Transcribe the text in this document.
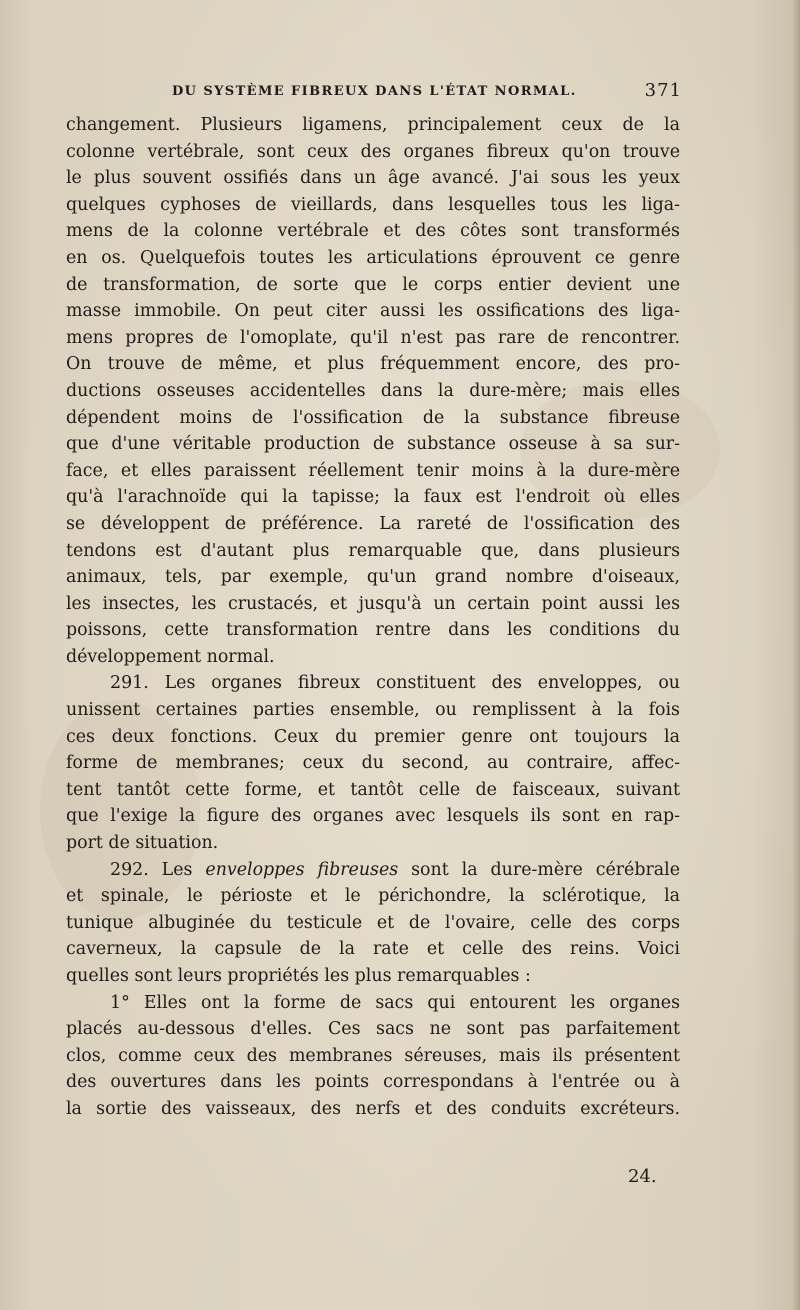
DU SYSTÈME FIBREUX DANS L'ÉTAT NORMAL.	371
changement. Plusieurs ligamens, principalement ceux de la
colonne vertébrale, sont ceux des organes fibreux qu'on trouve
le plus souvent ossifiés dans un âge avancé. J'ai sous les yeux
quelques cyphoses de vieillards, dans lesquelles tous les liga-
mens de la colonne vertébrale et des côtes sont transformés
en os. Quelquefois toutes les articulations éprouvent ce genre
de transformation, de sorte que le corps entier devient une
masse immobile. On peut citer aussi les ossifications des liga-
mens propres de l'omoplate, qu'il n'est pas rare de rencontrer.
On trouve de même, et plus fréquemment encore, des pro-
ductions osseuses accidentelles dans la dure-mère; mais elles
dépendent moins de l'ossification de la substance fibreuse
que d'une véritable production de substance osseuse à sa sur-
face, et elles paraissent réellement tenir moins à la dure-mère
qu'à l'arachnoïde qui la tapisse; la faux est l'endroit où elles
se développent de préférence. La rareté de l'ossification des
tendons est d'autant plus remarquable que, dans plusieurs
animaux, tels, par exemple, qu'un grand nombre d'oiseaux,
les insectes, les crustacés, et jusqu'à un certain point aussi les
poissons, cette transformation rentre dans les conditions du
développement normal.
291. Les organes fibreux constituent des enveloppes, ou
unissent certaines parties ensemble, ou remplissent à la fois
ces deux fonctions. Ceux du premier genre ont toujours la
forme de membranes; ceux du second, au contraire, affec-
tent tantôt cette forme, et tantôt celle de faisceaux, suivant
que l'exige la figure des organes avec lesquels ils sont en rap-
port de situation.
292. Les enveloppes fibreuses sont la dure-mère cérébrale
et spinale, le périoste et le périchondre, la sclérotique, la
tunique albuginée du testicule et de l'ovaire, celle des corps
caverneux, la capsule de la rate et celle des reins. Voici
quelles sont leurs propriétés les plus remarquables :
1° Elles ont la forme de sacs qui entourent les organes
placés au-dessous d'elles. Ces sacs ne sont pas parfaitement
clos, comme ceux des membranes séreuses, mais ils présentent
des ouvertures dans les points correspondans à l'entrée ou à
la sortie des vaisseaux, des nerfs et des conduits excréteurs.
24.
